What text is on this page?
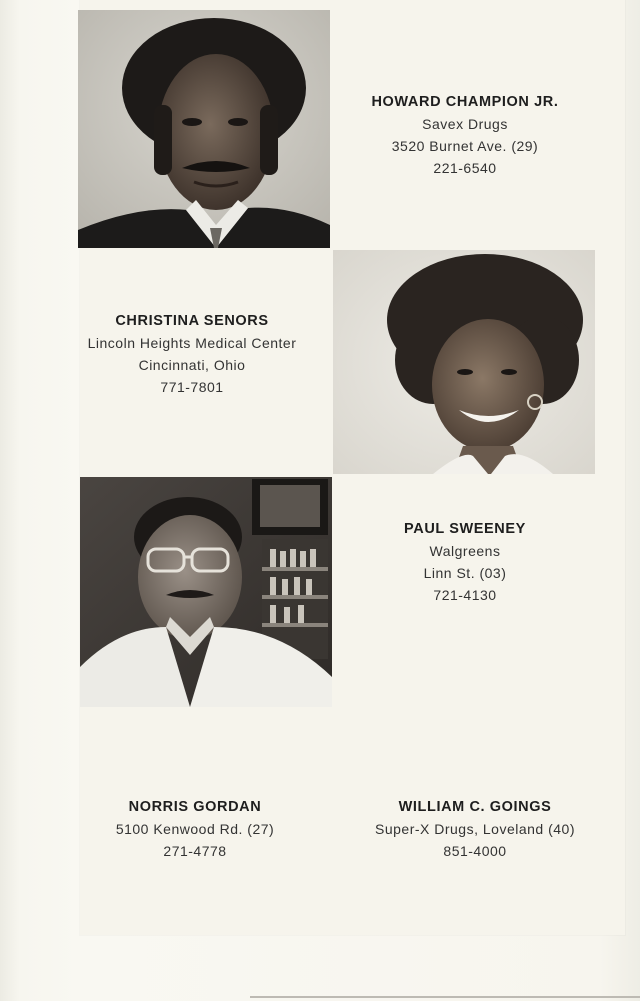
HOWARD CHAMPION JR.
Savex Drugs
3520 Burnet Ave. (29)
221-6540
CHRISTINA SENORS
Lincoln Heights Medical Center
Cincinnati, Ohio
771-7801
PAUL SWEENEY
Walgreens
Linn St. (03)
721-4130
NORRIS GORDAN
5100 Kenwood Rd. (27)
271-4778
WILLIAM C. GOINGS
Super-X Drugs, Loveland (40)
851-4000
